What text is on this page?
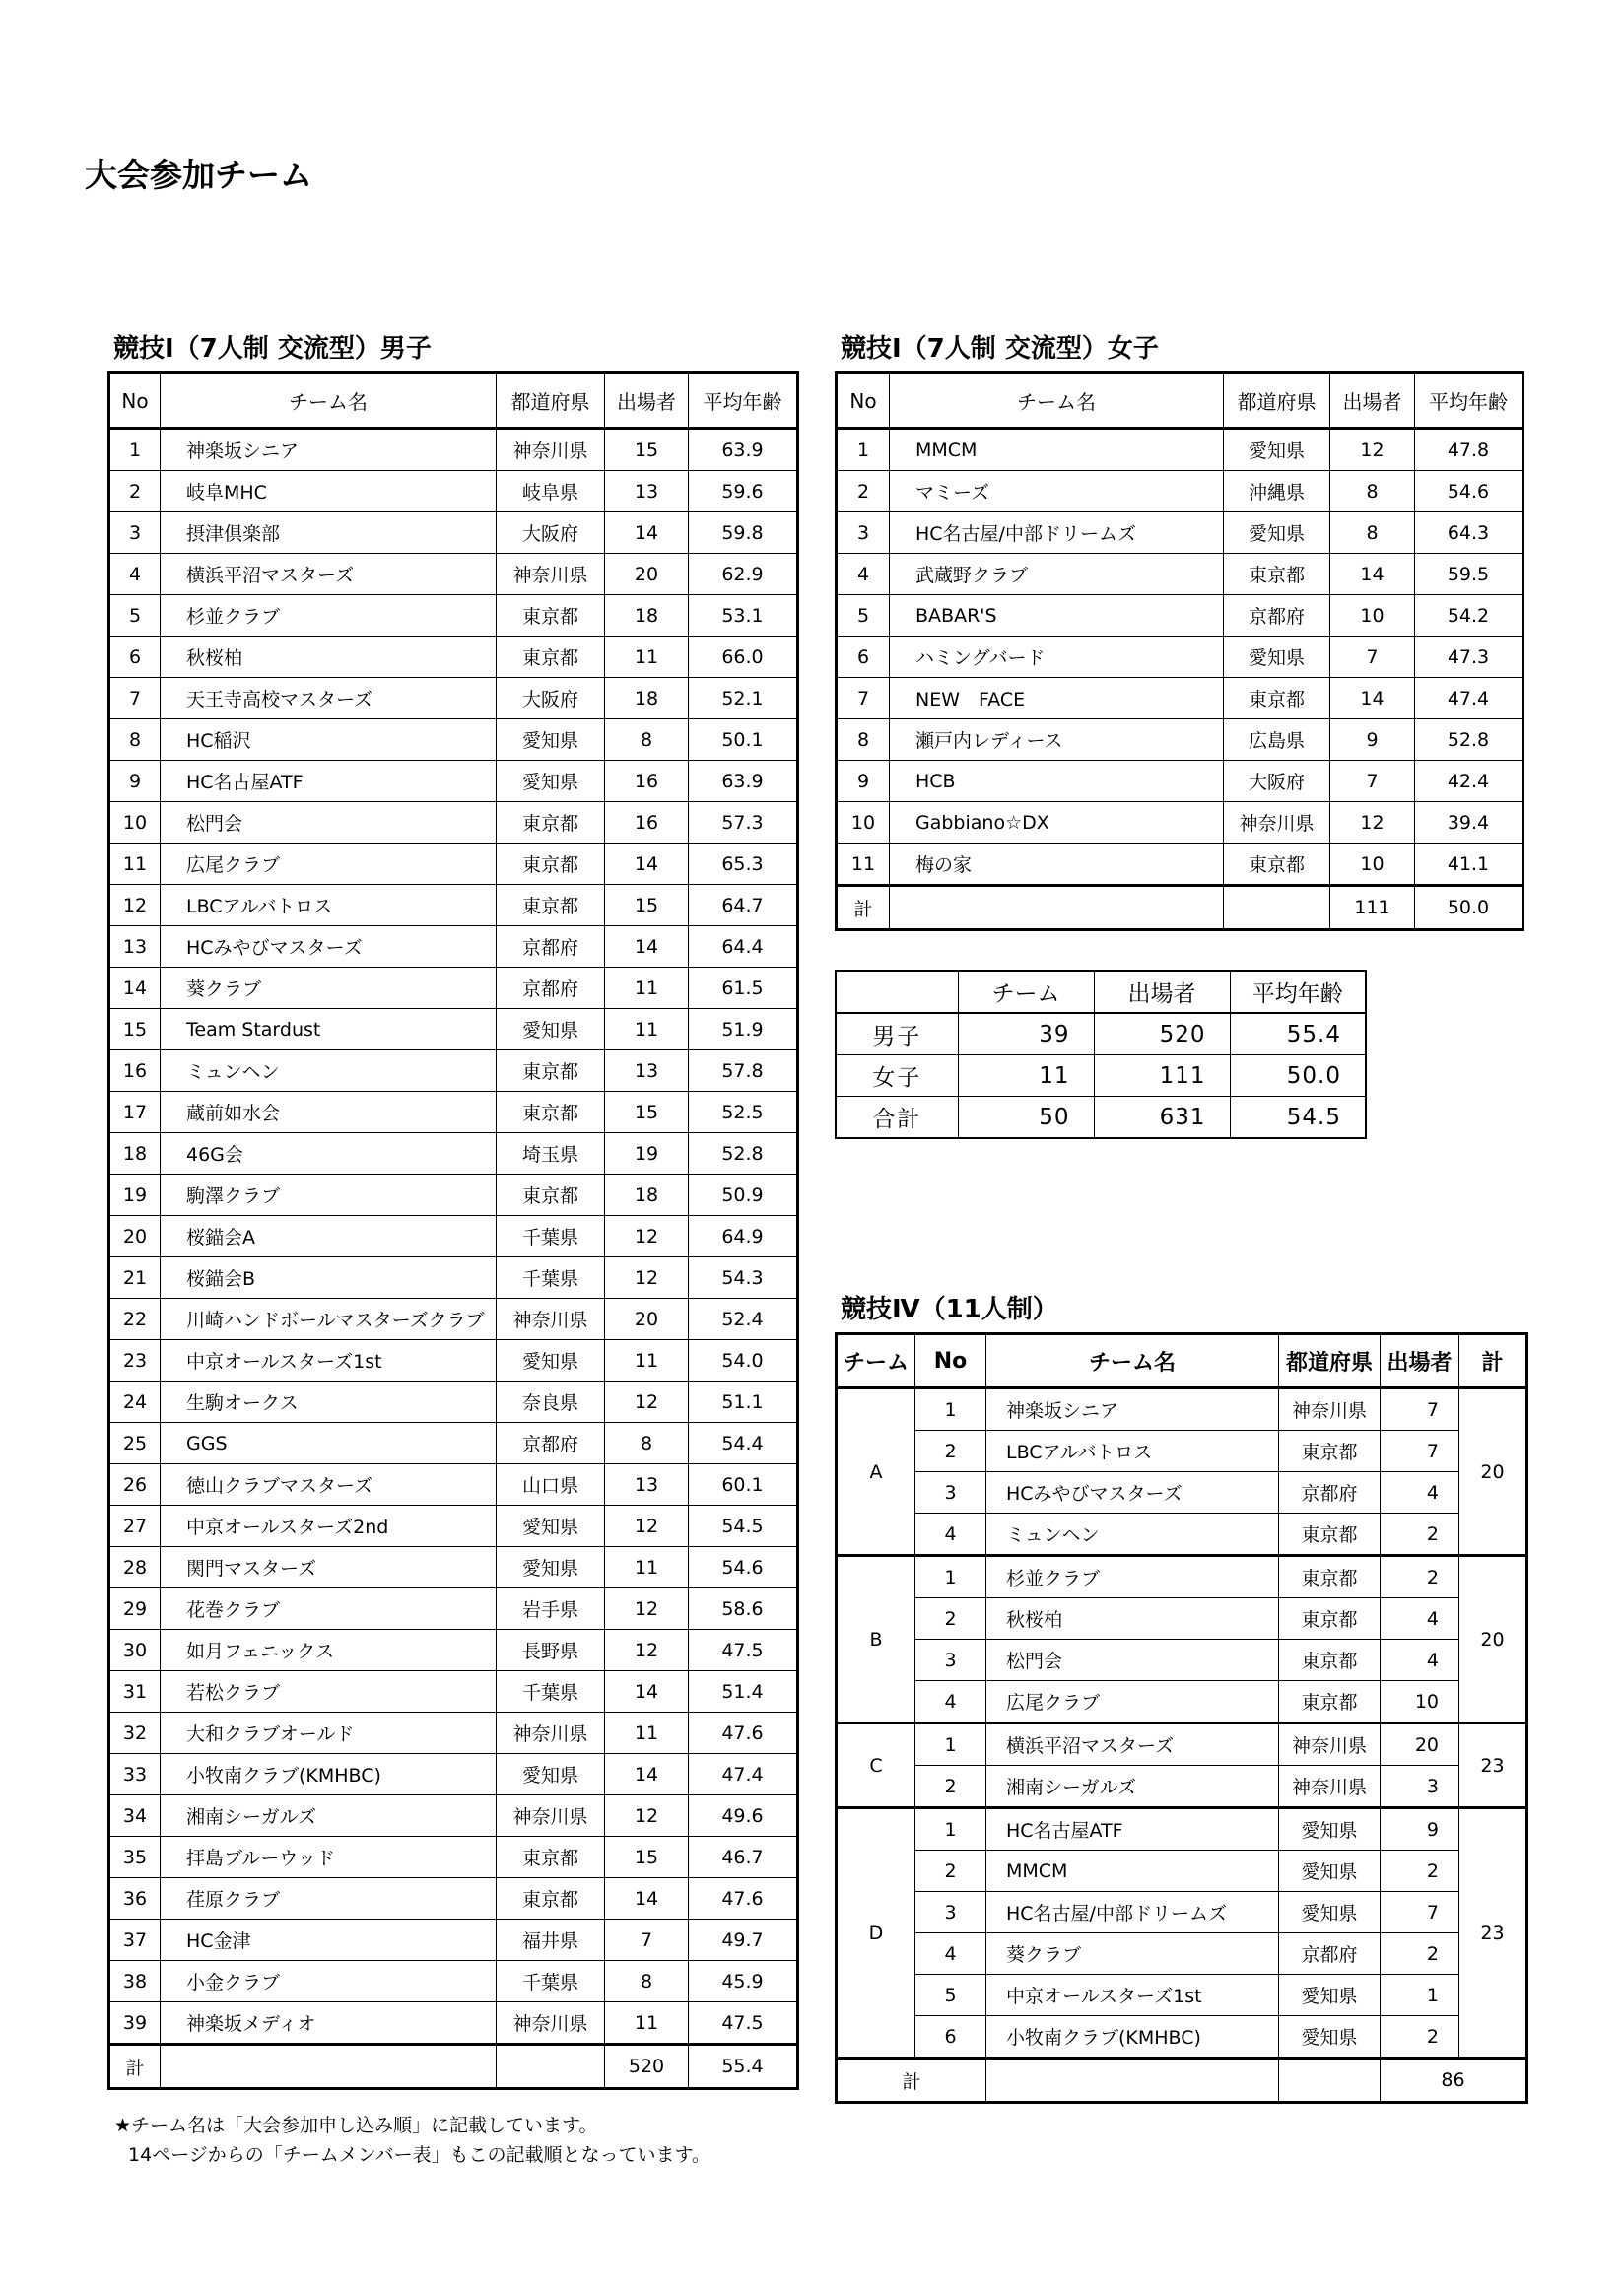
大会参加チーム
競技Ⅰ（7人制 交流型）男子
No	チーム名	都道府県	出場者	平均年齢
1	神楽坂シニア	神奈川県	15	63.9
2	岐阜MHC	岐阜県	13	59.6
3	摂津倶楽部	大阪府	14	59.8
4	横浜平沼マスターズ	神奈川県	20	62.9
5	杉並クラブ	東京都	18	53.1
6	秋桜柏	東京都	11	66.0
7	天王寺高校マスターズ	大阪府	18	52.1
8	HC稲沢	愛知県	8	50.1
9	HC名古屋ATF	愛知県	16	63.9
10	松門会	東京都	16	57.3
11	広尾クラブ	東京都	14	65.3
12	LBCアルバトロス	東京都	15	64.7
13	HCみやびマスターズ	京都府	14	64.4
14	葵クラブ	京都府	11	61.5
15	Team Stardust	愛知県	11	51.9
16	ミュンヘン	東京都	13	57.8
17	蔵前如水会	東京都	15	52.5
18	46G会	埼玉県	19	52.8
19	駒澤クラブ	東京都	18	50.9
20	桜錨会A	千葉県	12	64.9
21	桜錨会B	千葉県	12	54.3
22	川崎ハンドボールマスターズクラブ	神奈川県	20	52.4
23	中京オールスターズ1st	愛知県	11	54.0
24	生駒オークス	奈良県	12	51.1
25	GGS	京都府	8	54.4
26	徳山クラブマスターズ	山口県	13	60.1
27	中京オールスターズ2nd	愛知県	12	54.5
28	関門マスターズ	愛知県	11	54.6
29	花巻クラブ	岩手県	12	58.6
30	如月フェニックス	長野県	12	47.5
31	若松クラブ	千葉県	14	51.4
32	大和クラブオールド	神奈川県	11	47.6
33	小牧南クラブ(KMHBC)	愛知県	14	47.4
34	湘南シーガルズ	神奈川県	12	49.6
35	拝島ブルーウッド	東京都	15	46.7
36	荏原クラブ	東京都	14	47.6
37	HC金津	福井県	7	49.7
38	小金クラブ	千葉県	8	45.9
39	神楽坂メディオ	神奈川県	11	47.5
計			520	55.4
競技Ⅰ（7人制 交流型）女子
No	チーム名	都道府県	出場者	平均年齢
1	MMCM	愛知県	12	47.8
2	マミーズ	沖縄県	8	54.6
3	HC名古屋/中部ドリームズ	愛知県	8	64.3
4	武蔵野クラブ	東京都	14	59.5
5	BABAR'S	京都府	10	54.2
6	ハミングバード	愛知県	7	47.3
7	NEW　FACE	東京都	14	47.4
8	瀬戸内レディース	広島県	9	52.8
9	HCB	大阪府	7	42.4
10	Gabbiano☆DX	神奈川県	12	39.4
11	梅の家	東京都	10	41.1
計			111	50.0
	チーム	出場者	平均年齢
男子	39	520	55.4
女子	11	111	50.0
合計	50	631	54.5
競技Ⅳ（11人制）
チーム	No	チーム名	都道府県	出場者	計
A	1	神楽坂シニア	神奈川県	7	20
	2	LBCアルバトロス	東京都	7	
	3	HCみやびマスターズ	京都府	4	
	4	ミュンヘン	東京都	2	
B	1	杉並クラブ	東京都	2	20
	2	秋桜柏	東京都	4	
	3	松門会	東京都	4	
	4	広尾クラブ	東京都	10	
C	1	横浜平沼マスターズ	神奈川県	20	23
	2	湘南シーガルズ	神奈川県	3	
D	1	HC名古屋ATF	愛知県	9	23
	2	MMCM	愛知県	2	
	3	HC名古屋/中部ドリームズ	愛知県	7	
	4	葵クラブ	京都府	2	
	5	中京オールスターズ1st	愛知県	1	
	6	小牧南クラブ(KMHBC)	愛知県	2	
計				86	

★チーム名は「大会参加申し込み順」に記載しています。

14ページからの「チームメンバー表」もこの記載順となっています。
